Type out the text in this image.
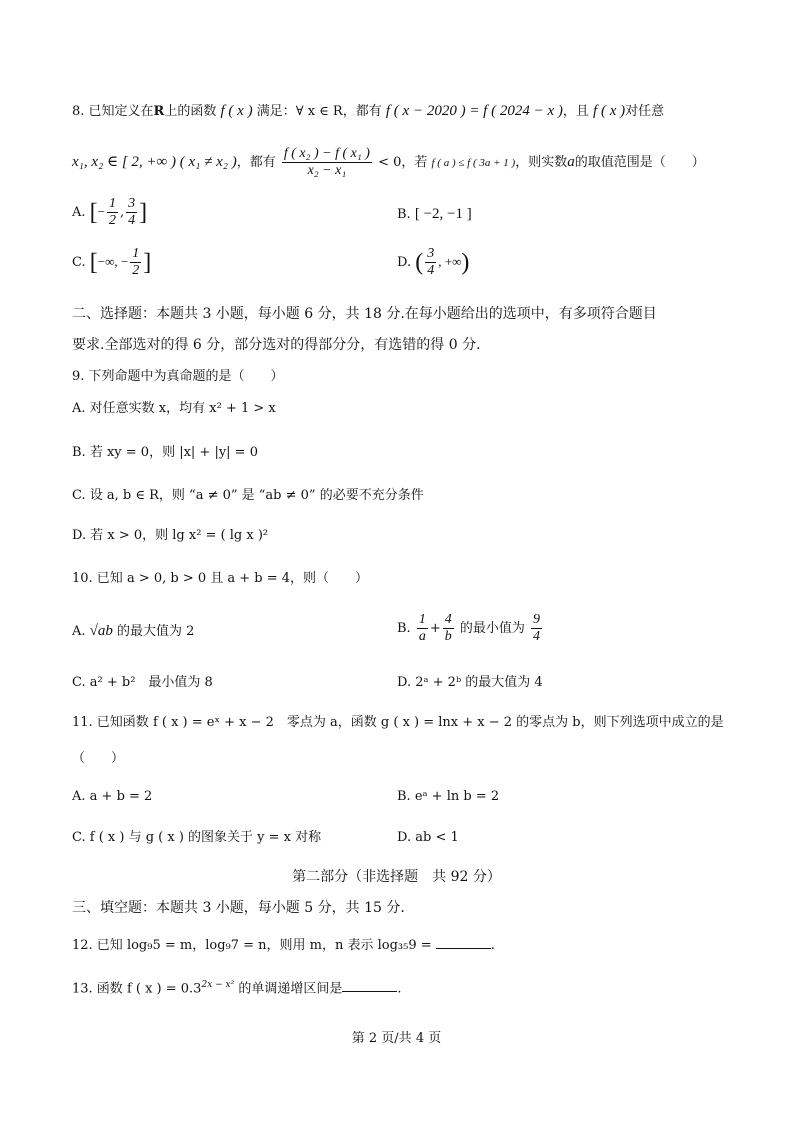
8. 已知定义在R上的函数 f ( x ) 满足：∀ x ∈ R，都有 f ( x − 2020 ) = f ( 2024 − x )，且 f ( x )对任意
x₁, x₂ ∈ [ 2, +∞ ) ( x₁ ≠ x₂ )，都有 $\frac{\text{f ( x₂ ) − f ( x₁ )}}{\text{x₂ − x₁}} < 0$，若 f ( a ) ≤ f ( 3a + 1 )，则实数a的取值范围是（　　）
A. [− $\frac{1}{2}$ , $\frac{3}{4}$ ]	B. [ −2, −1 ]
C. [−∞, − $\frac{1}{2}$ ]	D. ( $\frac{3}{4}$ , +∞)
二、选择题：本题共 3 小题，每小题 6 分，共 18 分.在每小题给出的选项中，有多项符合题目
要求.全部选对的得 6 分，部分选对的得部分分，有选错的得 0 分.
9. 下列命题中为真命题的是（　　）
A. 对任意实数 x，均有 x² + 1 > x
B. 若 xy = 0，则 |x| + |y| = 0
C. 设 a, b ∈ R，则 “a ≠ 0” 是 “ab ≠ 0” 的必要不充分条件
D. 若 x > 0，则 lg x² = ( lg x )²
10. 已知 a > 0, b > 0 且 a + b = 4，则（　　）
A. √ab 的最大值为 2	B. $\frac{1}{a} + \frac{4}{b}$ 的最小值为 $\frac{9}{4}$
C. a² + b²　最小值为 8	D. 2ᵃ + 2ᵇ 的最大值为 4
11. 已知函数 f ( x ) = eˣ + x − 2　零点为 a，函数 g ( x ) = lnx + x − 2 的零点为 b，则下列选项中成立的是
（　　）
A. a + b = 2	B. eᵃ + ln b = 2
C. f ( x ) 与 g ( x ) 的图象关于 y = x 对称	D. ab < 1
第二部分（非选择题　共 92 分）
三、填空题：本题共 3 小题，每小题 5 分，共 15 分.
12. 已知 log₉5 = m，log₉7 = n，则用 m，n 表示 log₃₅9 =	.
13. 函数 f ( x ) = $0.3^{2x - x^2}$ 的单调递增区间是	.
第 2 页/共 4 页
